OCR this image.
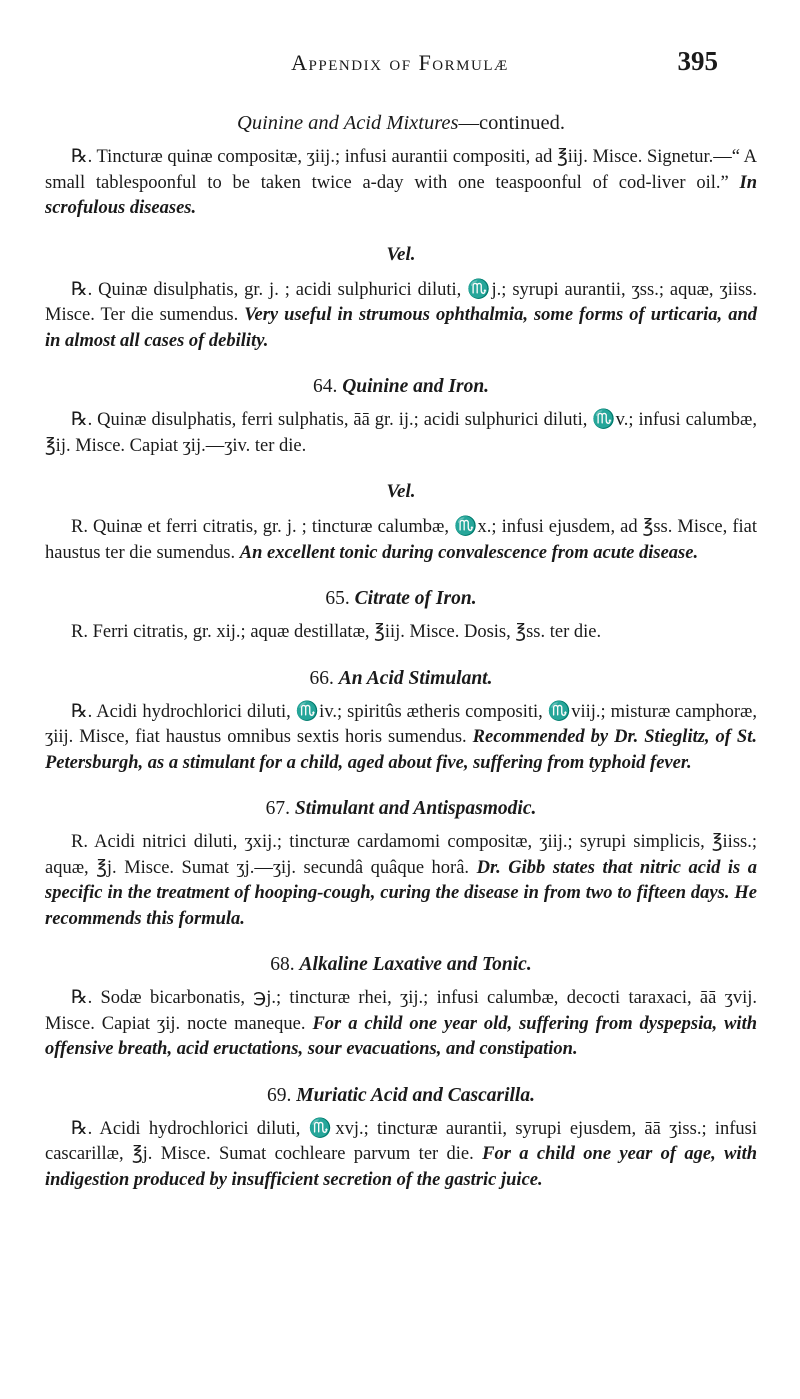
Appendix of Formulæ	395

Quinine and Acid Mixtures—continued.

℞. Tincturæ quinæ compositæ, ʒiij.; infusi aurantii compositi, ad ℥iij. Misce. Signetur.—“ A small tablespoonful to be taken twice a-day with one teaspoonful of cod-liver oil.” In scrofulous diseases.

Vel.

℞. Quinæ disulphatis, gr. j. ; acidi sulphurici diluti, ♏j.; syrupi aurantii, ʒss.; aquæ, ʒiiss. Misce. Ter die sumendus. Very useful in strumous ophthalmia, some forms of urticaria, and in almost all cases of debility.

64. Quinine and Iron.

℞. Quinæ disulphatis, ferri sulphatis, āā gr. ij.; acidi sulphurici diluti, ♏v.; infusi calumbæ, ℥ij. Misce. Capiat ʒij.—ʒiv. ter die.

Vel.

R. Quinæ et ferri citratis, gr. j. ; tincturæ calumbæ, ♏x.; infusi ejusdem, ad ℥ss. Misce, fiat haustus ter die sumendus. An excellent tonic during convalescence from acute disease.

65. Citrate of Iron.

R. Ferri citratis, gr. xij.; aquæ destillatæ, ℥iij. Misce. Dosis, ℥ss. ter die.

66. An Acid Stimulant.

℞. Acidi hydrochlorici diluti, ♏iv.; spiritûs ætheris compositi, ♏viij.; misturæ camphoræ, ʒiij. Misce, fiat haustus omnibus sextis horis sumendus. Recommended by Dr. Stieglitz, of St. Petersburgh, as a stimulant for a child, aged about five, suffering from typhoid fever.

67. Stimulant and Antispasmodic.

R. Acidi nitrici diluti, ʒxij.; tincturæ cardamomi compositæ, ʒiij.; syrupi simplicis, ℥iiss.; aquæ, ℥j. Misce. Sumat ʒj.—ʒij. secundâ quâque horâ. Dr. Gibb states that nitric acid is a specific in the treatment of hooping-cough, curing the disease in from two to fifteen days. He recommends this formula.

68. Alkaline Laxative and Tonic.

℞. Sodæ bicarbonatis, ℈j.; tincturæ rhei, ʒij.; infusi calumbæ, decocti taraxaci, āā ʒvij. Misce. Capiat ʒij. nocte maneque. For a child one year old, suffering from dyspepsia, with offensive breath, acid eructations, sour evacuations, and constipation.

69. Muriatic Acid and Cascarilla.

℞. Acidi hydrochlorici diluti, ♏xvj.; tincturæ aurantii, syrupi ejusdem, āā ʒiss.; infusi cascarillæ, ℥j. Misce. Sumat cochleare parvum ter die. For a child one year of age, with indigestion produced by insufficient secretion of the gastric juice.
